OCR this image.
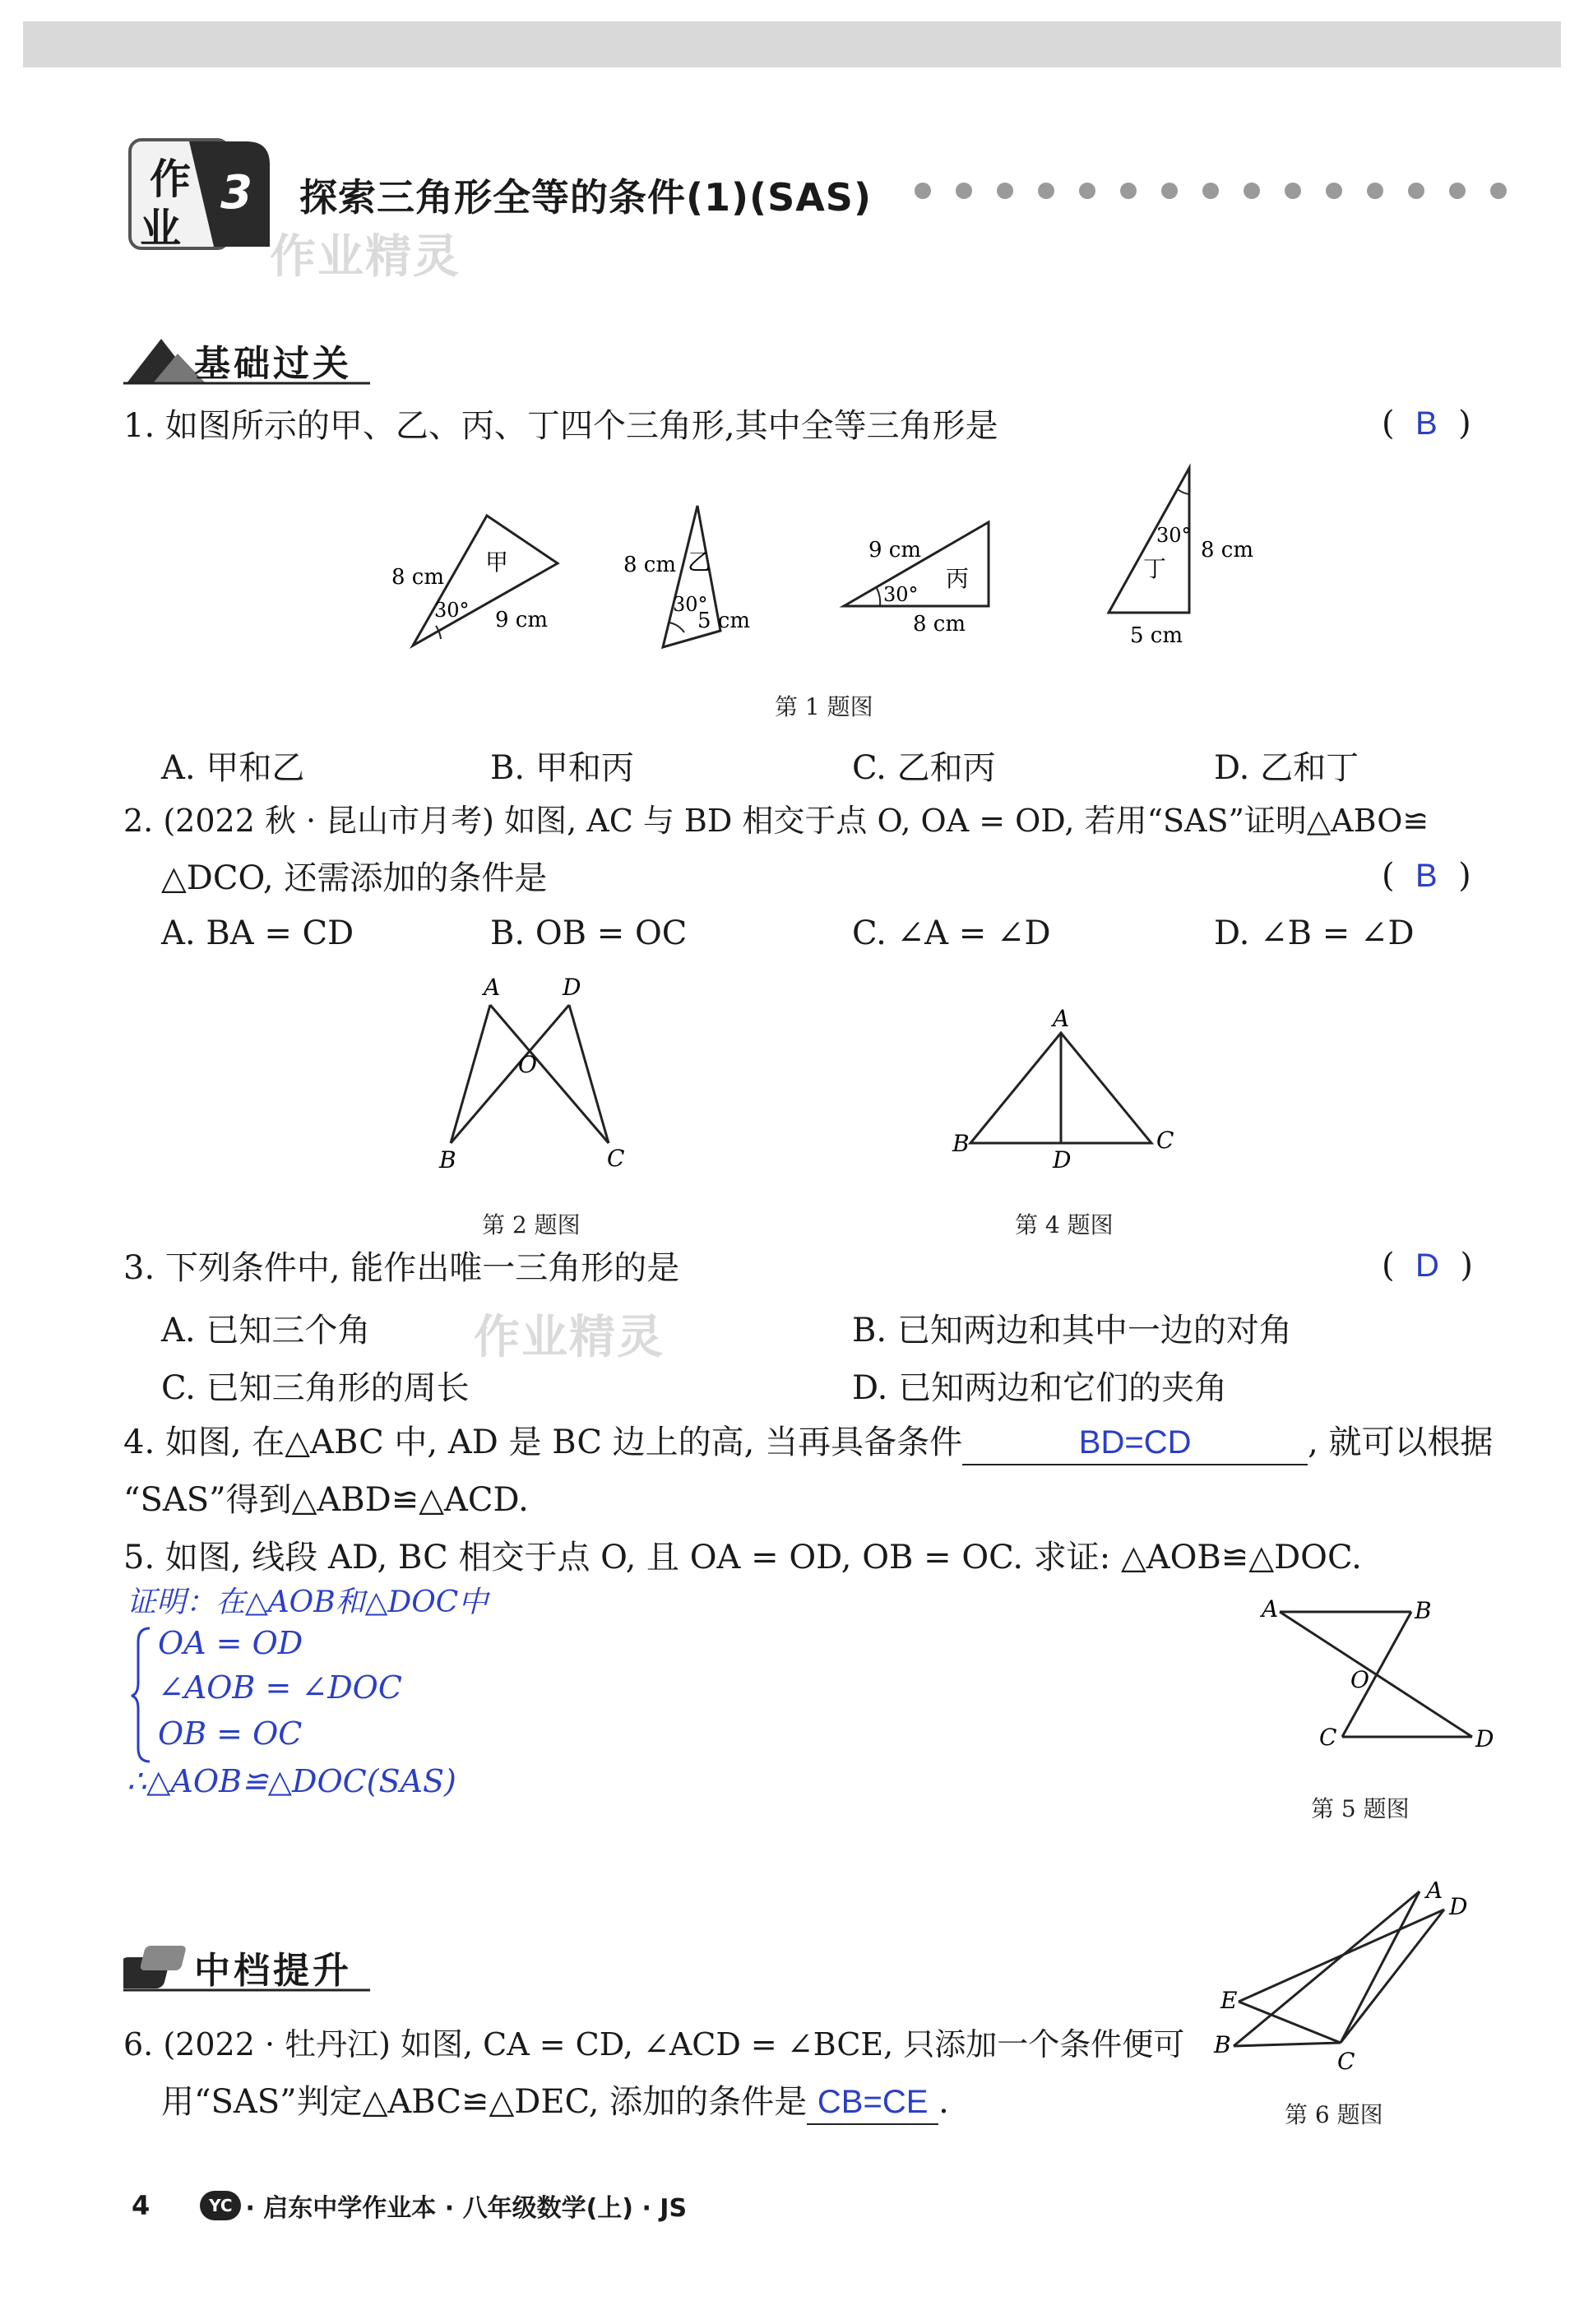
作
业
3 探索三角形全等的条件(1)(SAS)
作业精灵
基础过关
1. 如图所示的甲、乙、丙、丁四个三角形,其中全等三角形是	(  B  )
8 cm
9 cm
30°
甲	8 cm
5 cm
30°
乙	9 cm
8 cm
30°
丙
8 cm
5 cm
30°
丁
第 1 题图
A. 甲和乙	B. 甲和丙	C. 乙和丙	D. 乙和丁
2. (2022 秋 · 昆山市月考) 如图, AC 与 BD 相交于点 O, OA = OD, 若用“SAS”证明△ABO≌
△DCO, 还需添加的条件是	(  B  )
A. BA = CD	B. OB = OC	C. ∠A = ∠D	D. ∠B = ∠D
A	D
O
B	C
第 2 题图
A
B
D
C
第 4 题图
3. 下列条件中, 能作出唯一三角形的是	(  D  )
A. 已知三个角	B. 已知两边和其中一边的对角
C. 已知三角形的周长	D. 已知两边和它们的夹角
作业精灵
4. 如图, 在△ABC 中, AD 是 BC 边上的高, 当再具备条件	BD=CD	, 就可以根据
“SAS”得到△ABD≌△ACD.
5. 如图, 线段 AD, BC 相交于点 O, 且 OA = OD, OB = OC. 求证: △AOB≌△DOC.
证明：在△AOB和△DOC中
OA = OD
∠AOB = ∠DOC
OB = OC
∴△AOB≌△DOC(SAS)
A	B
O
C	D
第 5 题图
中档提升
6. (2022 · 牡丹江) 如图, CA = CD, ∠ACD = ∠BCE, 只添加一个条件便可
用“SAS”判定△ABC≌△DEC, 添加的条件是 CB=CE .
A
D
E
B
C
第 6 题图
4	YC · 启东中学作业本 · 八年级数学(上) · JS
